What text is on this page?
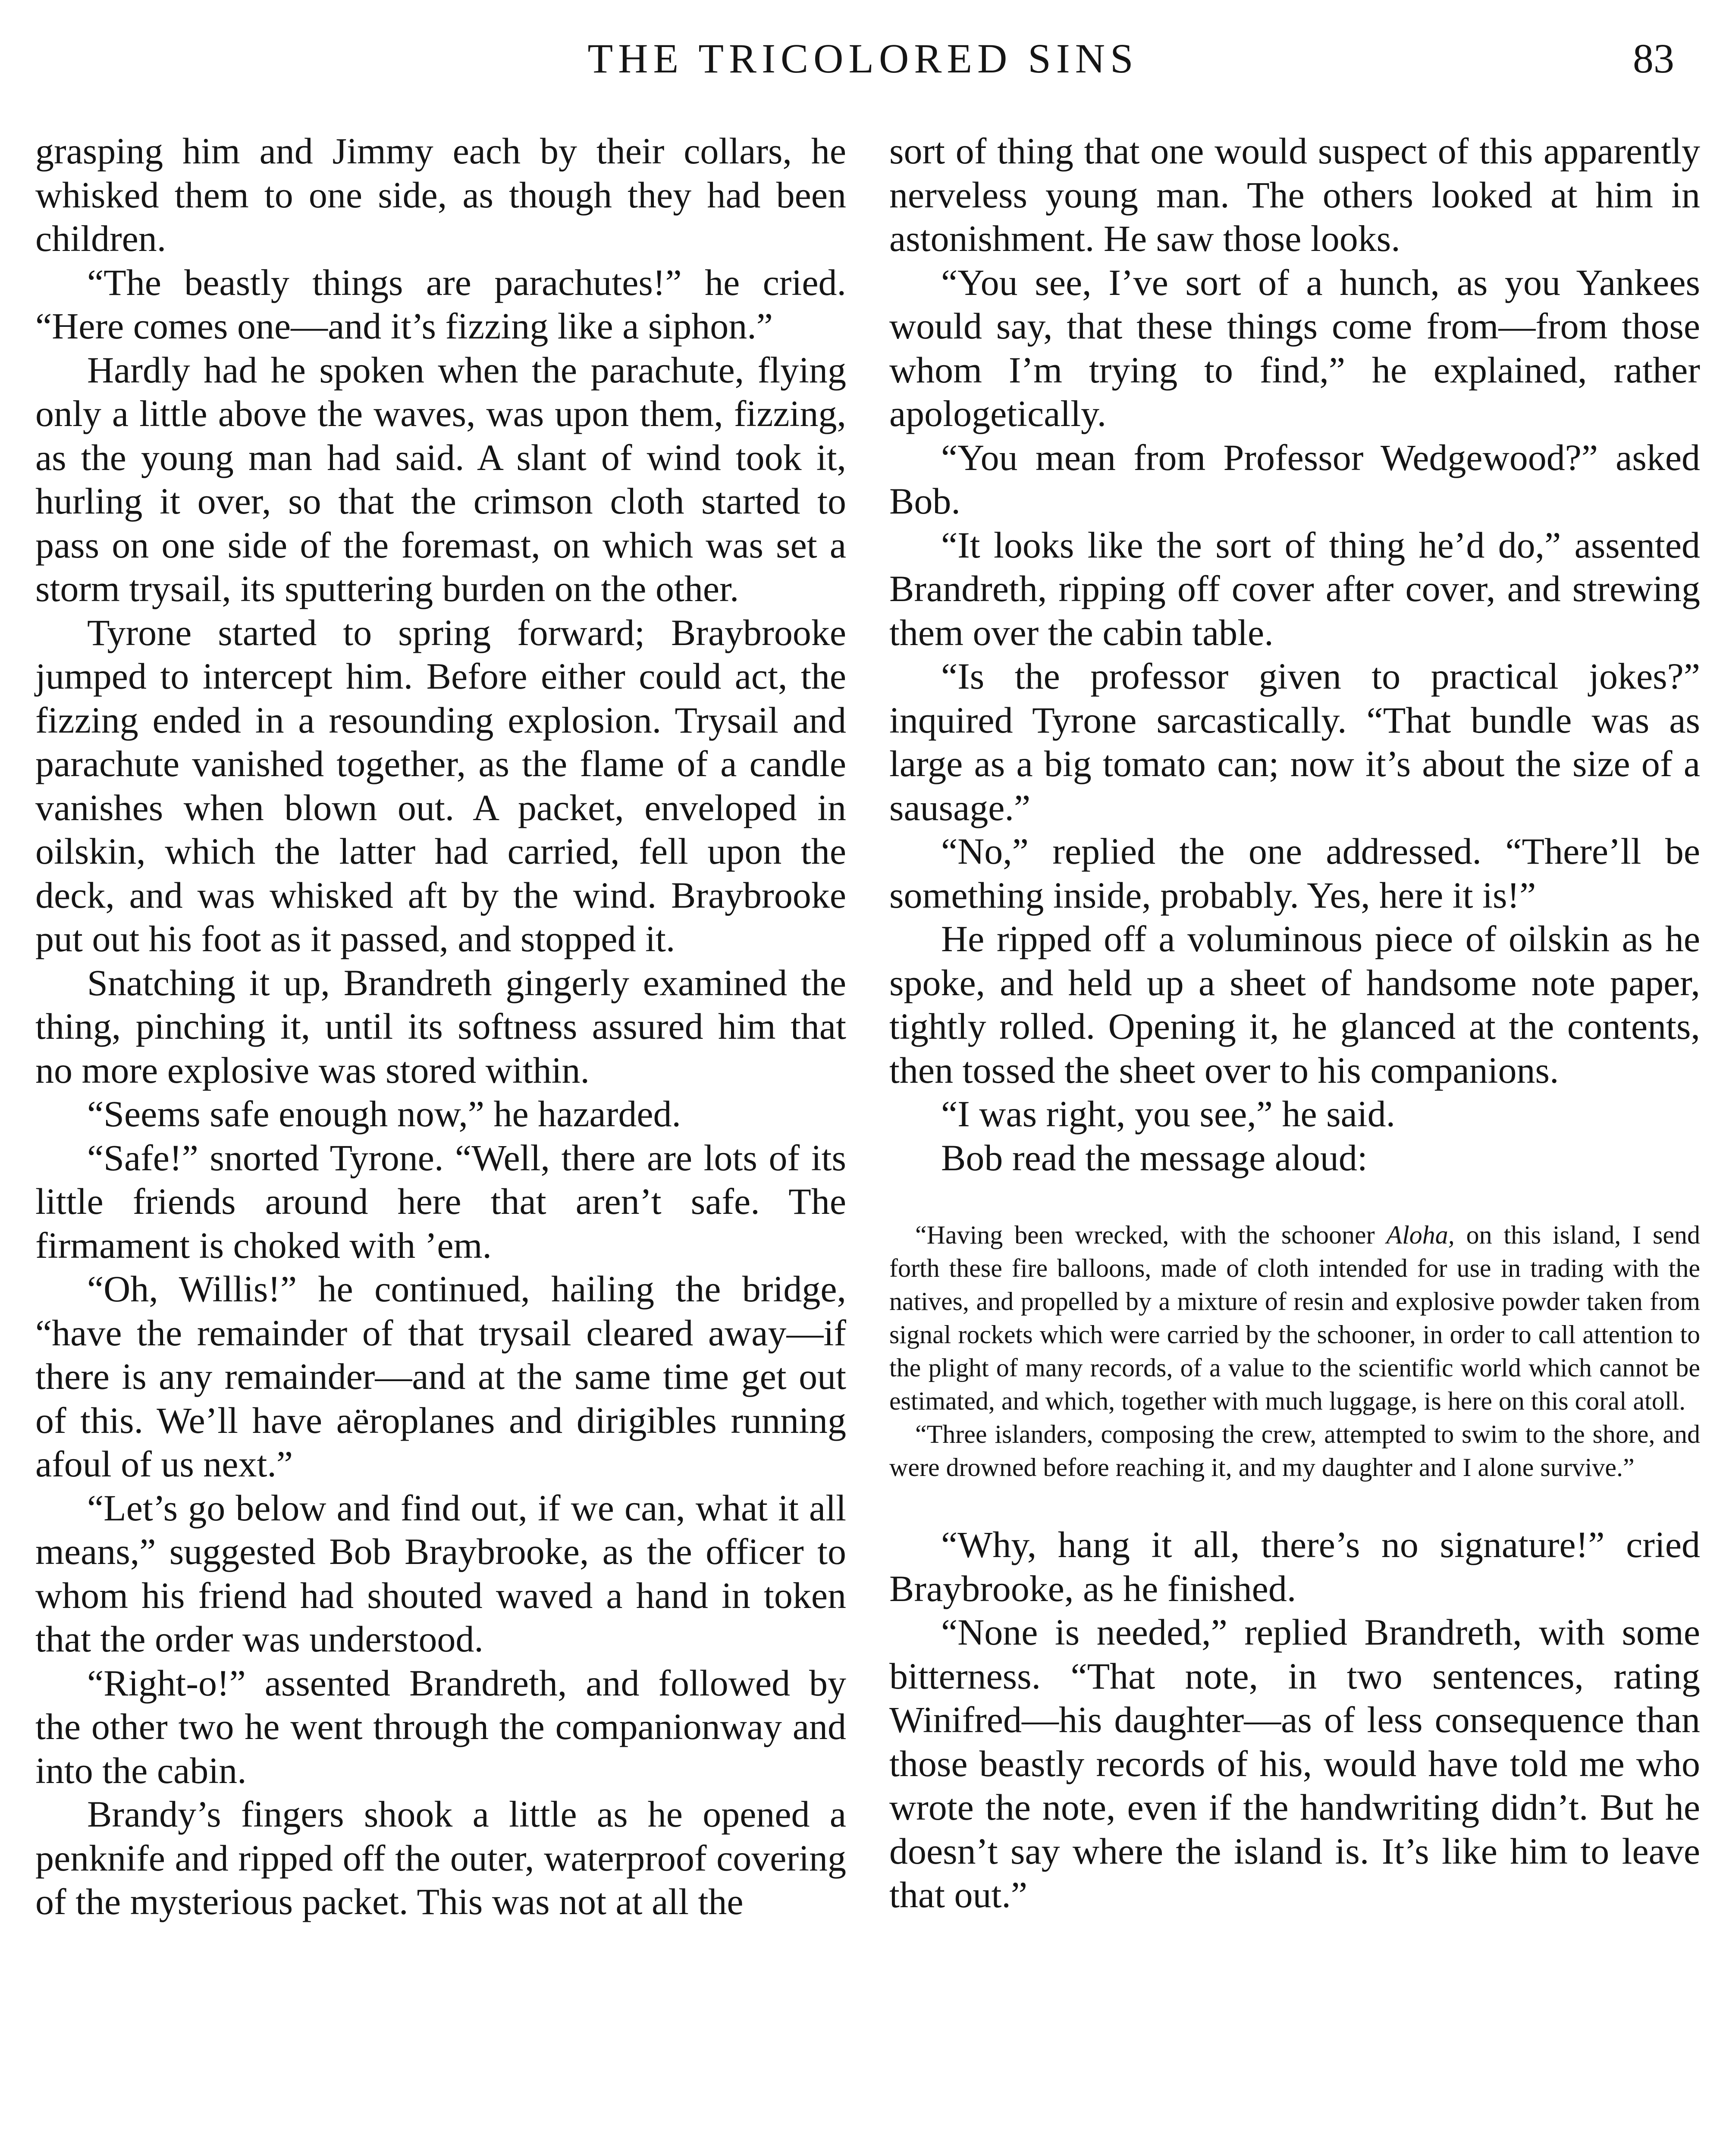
THE TRICOLORED SINS	83

grasping him and Jimmy each by their collars, he whisked them to one side, as though they had been children.

“The beastly things are parachutes!” he cried. “Here comes one—and it’s fizzing like a siphon.”

Hardly had he spoken when the parachute, flying only a little above the waves, was upon them, fizzing, as the young man had said. A slant of wind took it, hurling it over, so that the crimson cloth started to pass on one side of the foremast, on which was set a storm trysail, its sputtering burden on the other.

Tyrone started to spring forward; Braybrooke jumped to intercept him. Before either could act, the fizzing ended in a resounding explosion. Trysail and parachute vanished together, as the flame of a candle vanishes when blown out. A packet, enveloped in oilskin, which the latter had carried, fell upon the deck, and was whisked aft by the wind. Braybrooke put out his foot as it passed, and stopped it.

Snatching it up, Brandreth gingerly examined the thing, pinching it, until its softness assured him that no more explosive was stored within.

“Seems safe enough now,” he hazarded.

“Safe!” snorted Tyrone. “Well, there are lots of its little friends around here that aren’t safe. The firmament is choked with ’em.

“Oh, Willis!” he continued, hailing the bridge, “have the remainder of that trysail cleared away—if there is any remainder—and at the same time get out of this. We’ll have aëroplanes and dirigibles running afoul of us next.”

“Let’s go below and find out, if we can, what it all means,” suggested Bob Braybrooke, as the officer to whom his friend had shouted waved a hand in token that the order was understood.

“Right-o!” assented Brandreth, and followed by the other two he went through the companionway and into the cabin.

Brandy’s fingers shook a little as he opened a penknife and ripped off the outer, waterproof covering of the mysterious packet. This was not at all the

sort of thing that one would suspect of this apparently nerveless young man. The others looked at him in astonishment. He saw those looks.

“You see, I’ve sort of a hunch, as you Yankees would say, that these things come from—from those whom I’m trying to find,” he explained, rather apologetically.

“You mean from Professor Wedgewood?” asked Bob.

“It looks like the sort of thing he’d do,” assented Brandreth, ripping off cover after cover, and strewing them over the cabin table.

“Is the professor given to practical jokes?” inquired Tyrone sarcastically. “That bundle was as large as a big tomato can; now it’s about the size of a sausage.”

“No,” replied the one addressed. “There’ll be something inside, probably. Yes, here it is!”

He ripped off a voluminous piece of oilskin as he spoke, and held up a sheet of handsome note paper, tightly rolled. Opening it, he glanced at the contents, then tossed the sheet over to his companions.

“I was right, you see,” he said.

Bob read the message aloud:

“Having been wrecked, with the schooner Aloha, on this island, I send forth these fire balloons, made of cloth intended for use in trading with the natives, and propelled by a mixture of resin and explosive powder taken from signal rockets which were carried by the schooner, in order to call attention to the plight of many records, of a value to the scientific world which cannot be estimated, and which, together with much luggage, is here on this coral atoll.

“Three islanders, composing the crew, attempted to swim to the shore, and were drowned before reaching it, and my daughter and I alone survive.”

“Why, hang it all, there’s no signature!” cried Braybrooke, as he finished.

“None is needed,” replied Brandreth, with some bitterness. “That note, in two sentences, rating Winifred—his daughter—as of less consequence than those beastly records of his, would have told me who wrote the note, even if the handwriting didn’t. But he doesn’t say where the island is. It’s like him to leave that out.”
